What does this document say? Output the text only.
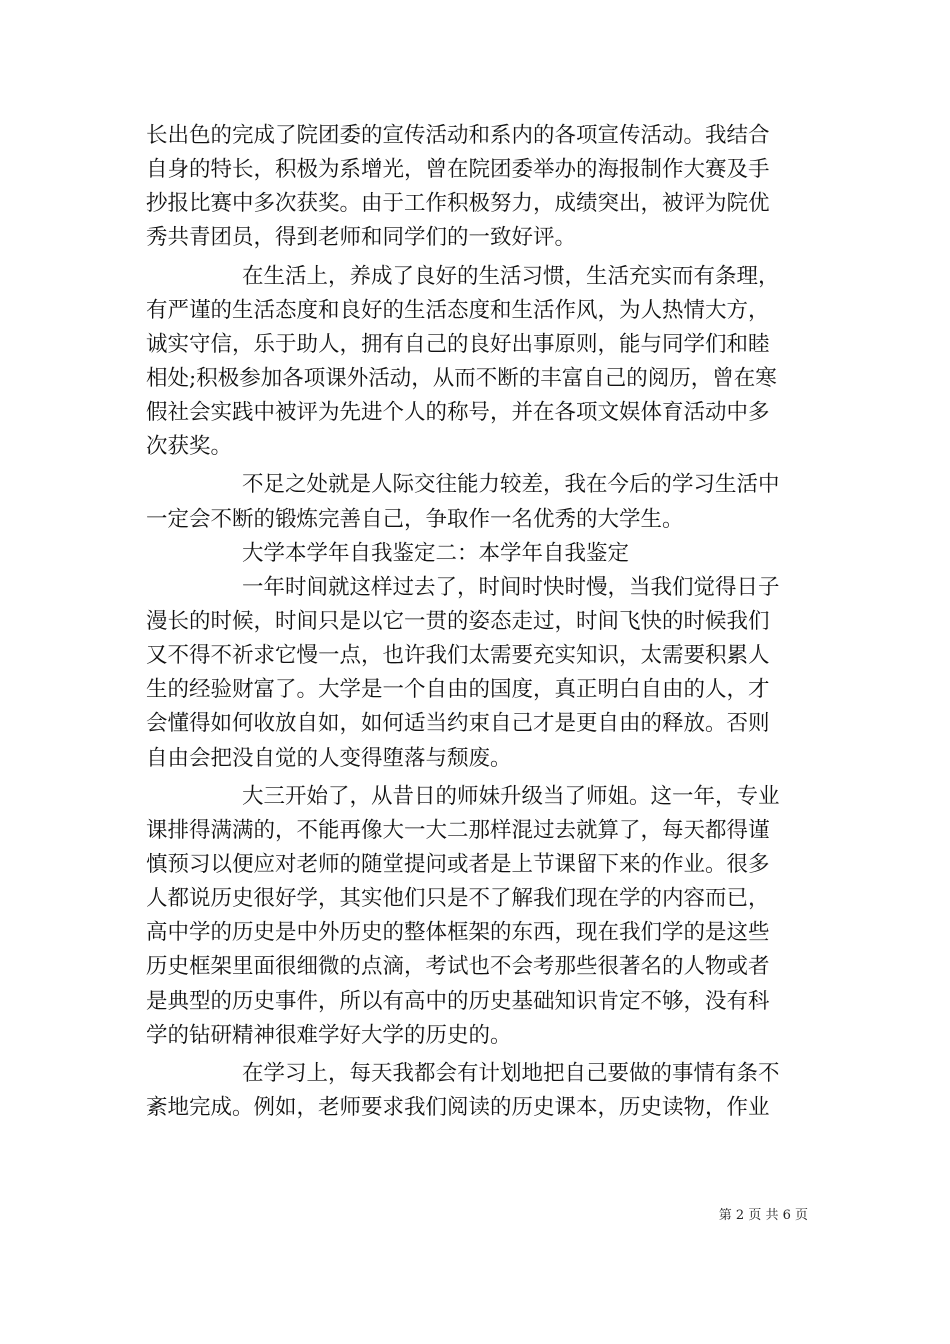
长出色的完成了院团委的宣传活动和系内的各项宣传活动。我结合
自身的特长，积极为系增光，曾在院团委举办的海报制作大赛及手
抄报比赛中多次获奖。由于工作积极努力，成绩突出，被评为院优
秀共青团员，得到老师和同学们的一致好评。
在生活上，养成了良好的生活习惯，生活充实而有条理，
有严谨的生活态度和良好的生活态度和生活作风，为人热情大方，
诚实守信，乐于助人，拥有自己的良好出事原则，能与同学们和睦
相处;积极参加各项课外活动，从而不断的丰富自己的阅历，曾在寒
假社会实践中被评为先进个人的称号，并在各项文娱体育活动中多
次获奖。
不足之处就是人际交往能力较差，我在今后的学习生活中
一定会不断的锻炼完善自己，争取作一名优秀的大学生。
大学本学年自我鉴定二：本学年自我鉴定
一年时间就这样过去了，时间时快时慢，当我们觉得日子
漫长的时候，时间只是以它一贯的姿态走过，时间飞快的时候我们
又不得不祈求它慢一点，也许我们太需要充实知识，太需要积累人
生的经验财富了。大学是一个自由的国度，真正明白自由的人，才
会懂得如何收放自如，如何适当约束自己才是更自由的释放。否则
自由会把没自觉的人变得堕落与颓废。
大三开始了，从昔日的师妹升级当了师姐。这一年，专业
课排得满满的，不能再像大一大二那样混过去就算了，每天都得谨
慎预习以便应对老师的随堂提问或者是上节课留下来的作业。很多
人都说历史很好学，其实他们只是不了解我们现在学的内容而已，
高中学的历史是中外历史的整体框架的东西，现在我们学的是这些
历史框架里面很细微的点滴，考试也不会考那些很著名的人物或者
是典型的历史事件，所以有高中的历史基础知识肯定不够，没有科
学的钻研精神很难学好大学的历史的。
在学习上，每天我都会有计划地把自己要做的事情有条不
紊地完成。例如，老师要求我们阅读的历史课本，历史读物，作业
第 2 页 共 6 页
